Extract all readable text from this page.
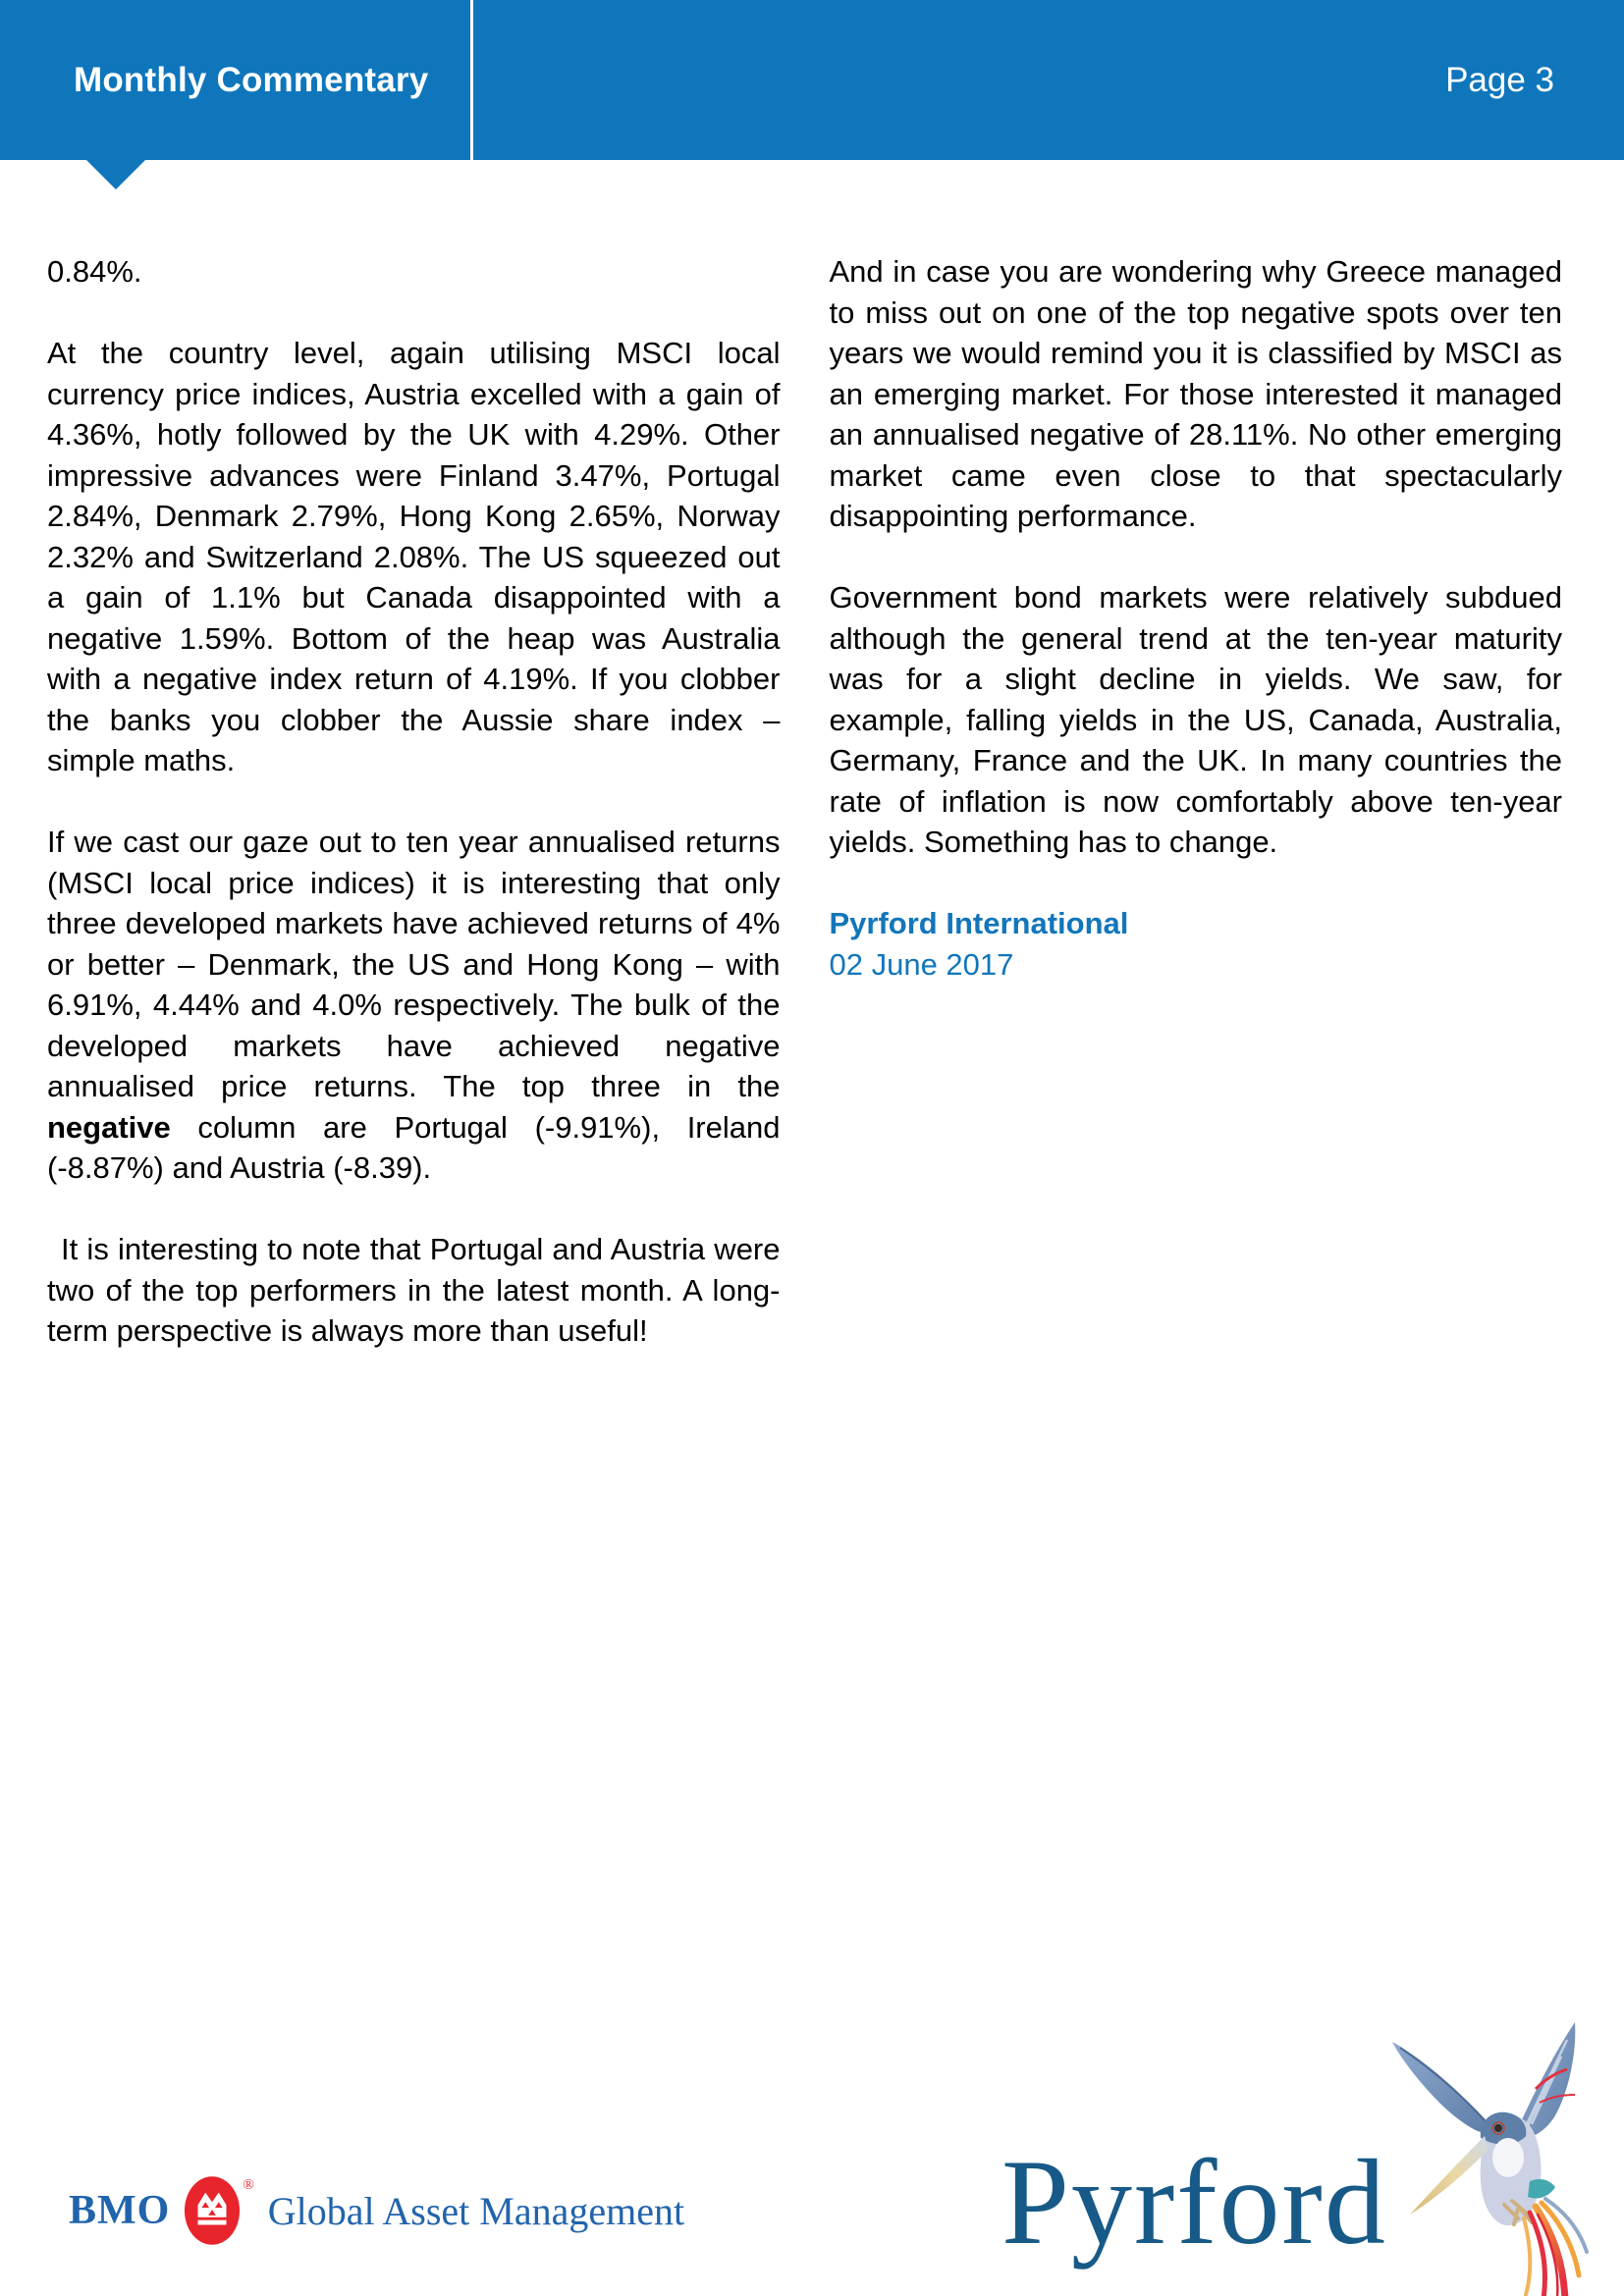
Monthly Commentary	Page 3

0.84%.

At the country level, again utilising MSCI local currency price indices, Austria excelled with a gain of 4.36%, hotly followed by the UK with 4.29%. Other impressive advances were Finland 3.47%, Portugal 2.84%, Denmark 2.79%, Hong Kong 2.65%, Norway 2.32% and Switzerland 2.08%. The US squeezed out a gain of 1.1% but Canada disappointed with a negative 1.59%. Bottom of the heap was Australia with a negative index return of 4.19%. If you clobber the banks you clobber the Aussie share index – simple maths.

If we cast our gaze out to ten year annualised returns (MSCI local price indices) it is interesting that only three developed markets have achieved returns of 4% or better – Denmark, the US and Hong Kong – with 6.91%, 4.44% and 4.0% respectively. The bulk of the developed markets have achieved negative annualised price returns. The top three in the negative column are Portugal (-9.91%), Ireland (-8.87%) and Austria (-8.39).

It is interesting to note that Portugal and Austria were two of the top performers in the latest month. A long-term perspective is always more than useful!

And in case you are wondering why Greece managed to miss out on one of the top negative spots over ten years we would remind you it is classified by MSCI as an emerging market. For those interested it managed an annualised negative of 28.11%. No other emerging market came even close to that spectacularly disappointing performance.

Government bond markets were relatively subdued although the general trend at the ten-year maturity was for a slight decline in yields. We saw, for example, falling yields in the US, Canada, Australia, Germany, France and the UK. In many countries the rate of inflation is now comfortably above ten-year yields. Something has to change.

Pyrford International
02 June 2017
BMO
®
Global Asset Management	Pyrford
